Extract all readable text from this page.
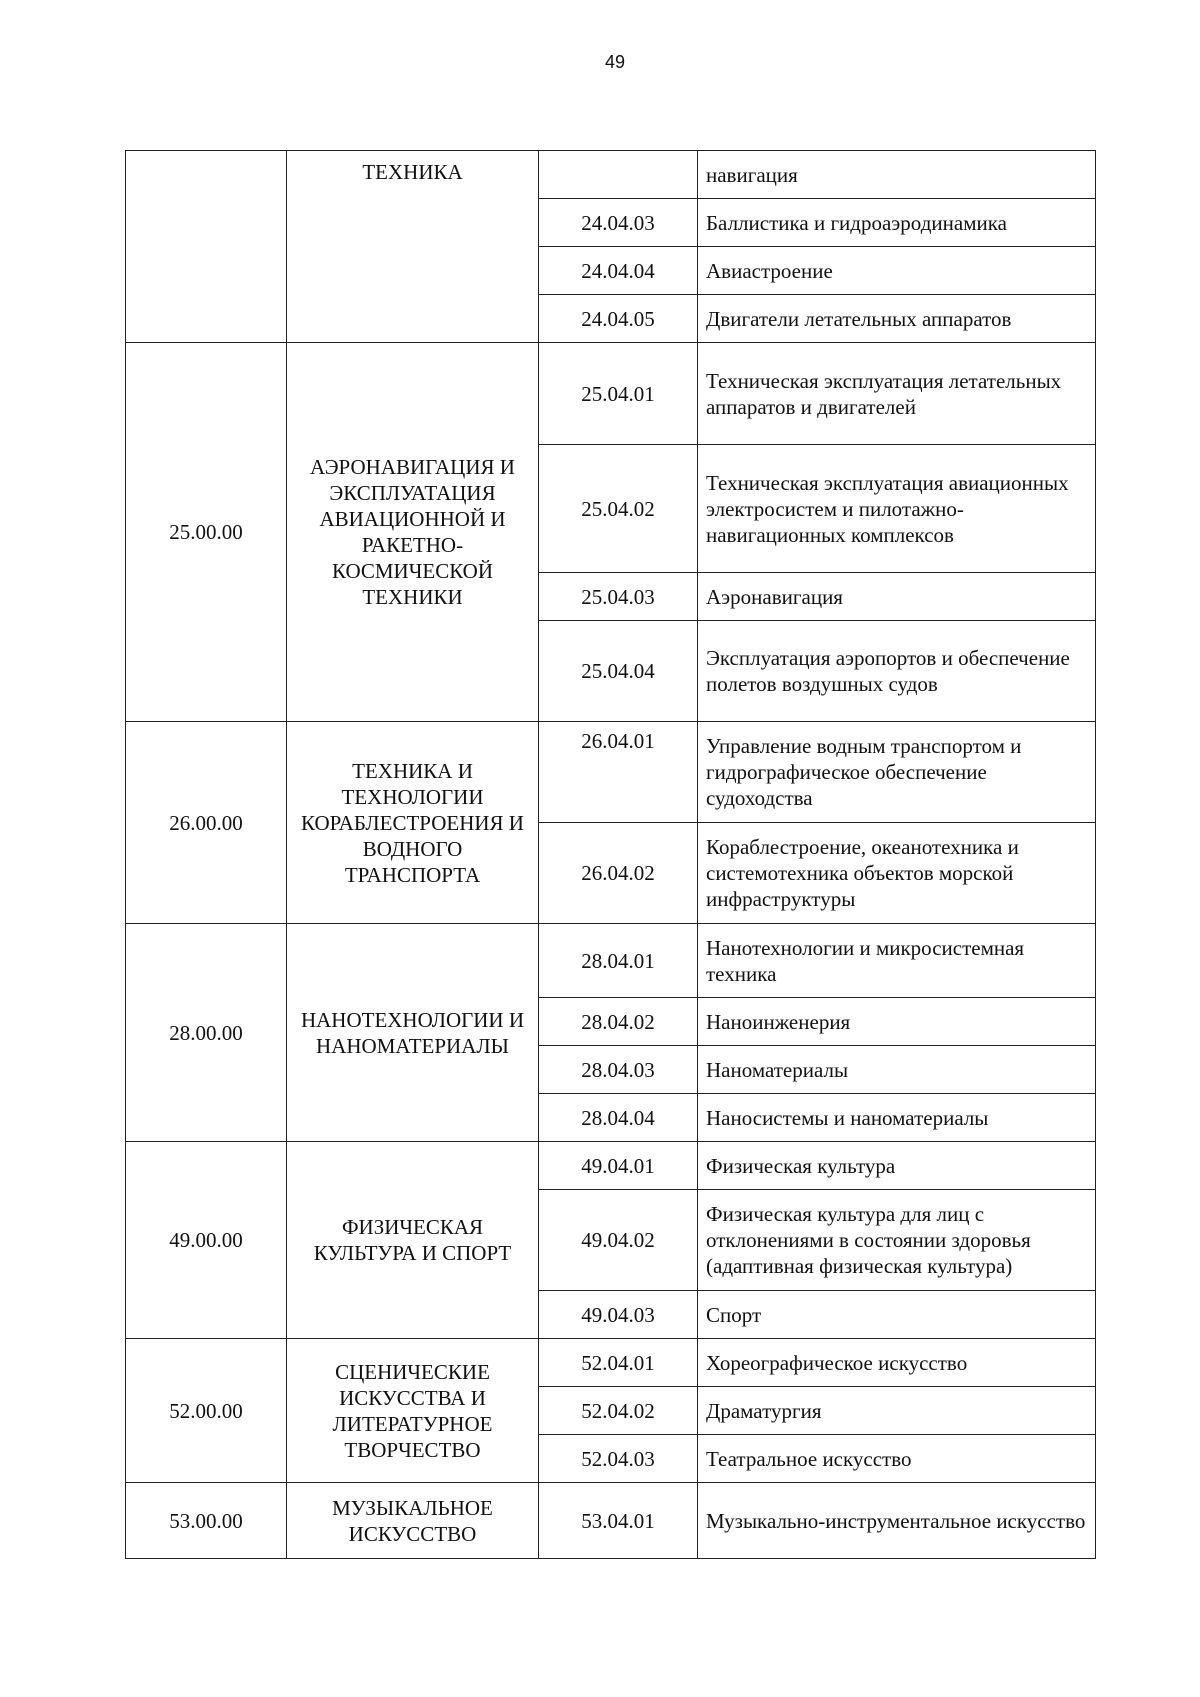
49
	ТЕХНИКА		навигация
		24.04.03	Баллистика и гидроаэродинамика
		24.04.04	Авиастроение
		24.04.05	Двигатели летательных аппаратов
25.00.00	АЭРОНАВИГАЦИЯ И ЭКСПЛУАТАЦИЯ АВИАЦИОННОЙ И РАКЕТНО-КОСМИЧЕСКОЙ ТЕХНИКИ	25.04.01	Техническая эксплуатация летательных аппаратов и двигателей
		25.04.02	Техническая эксплуатация авиационных электросистем и пилотажно-навигационных комплексов
		25.04.03	Аэронавигация
		25.04.04	Эксплуатация аэропортов и обеспечение полетов воздушных судов
26.00.00	ТЕХНИКА И ТЕХНОЛОГИИ КОРАБЛЕСТРОЕНИЯ И ВОДНОГО ТРАНСПОРТА	26.04.01	Управление водным транспортом и гидрографическое обеспечение судоходства
		26.04.02	Кораблестроение, океанотехника и системотехника объектов морской инфраструктуры
28.00.00	НАНОТЕХНОЛОГИИ И НАНОМАТЕРИАЛЫ	28.04.01	Нанотехнологии и микросистемная техника
		28.04.02	Наноинженерия
		28.04.03	Наноматериалы
		28.04.04	Наносистемы и наноматериалы
49.00.00	ФИЗИЧЕСКАЯ КУЛЬТУРА И СПОРТ	49.04.01	Физическая культура
		49.04.02	Физическая культура для лиц с отклонениями в состоянии здоровья (адаптивная физическая культура)
		49.04.03	Спорт
52.00.00	СЦЕНИЧЕСКИЕ ИСКУССТВА И ЛИТЕРАТУРНОЕ ТВОРЧЕСТВО	52.04.01	Хореографическое искусство
		52.04.02	Драматургия
		52.04.03	Театральное искусство
53.00.00	МУЗЫКАЛЬНОЕ ИСКУССТВО	53.04.01	Музыкально-инструментальное искусство
